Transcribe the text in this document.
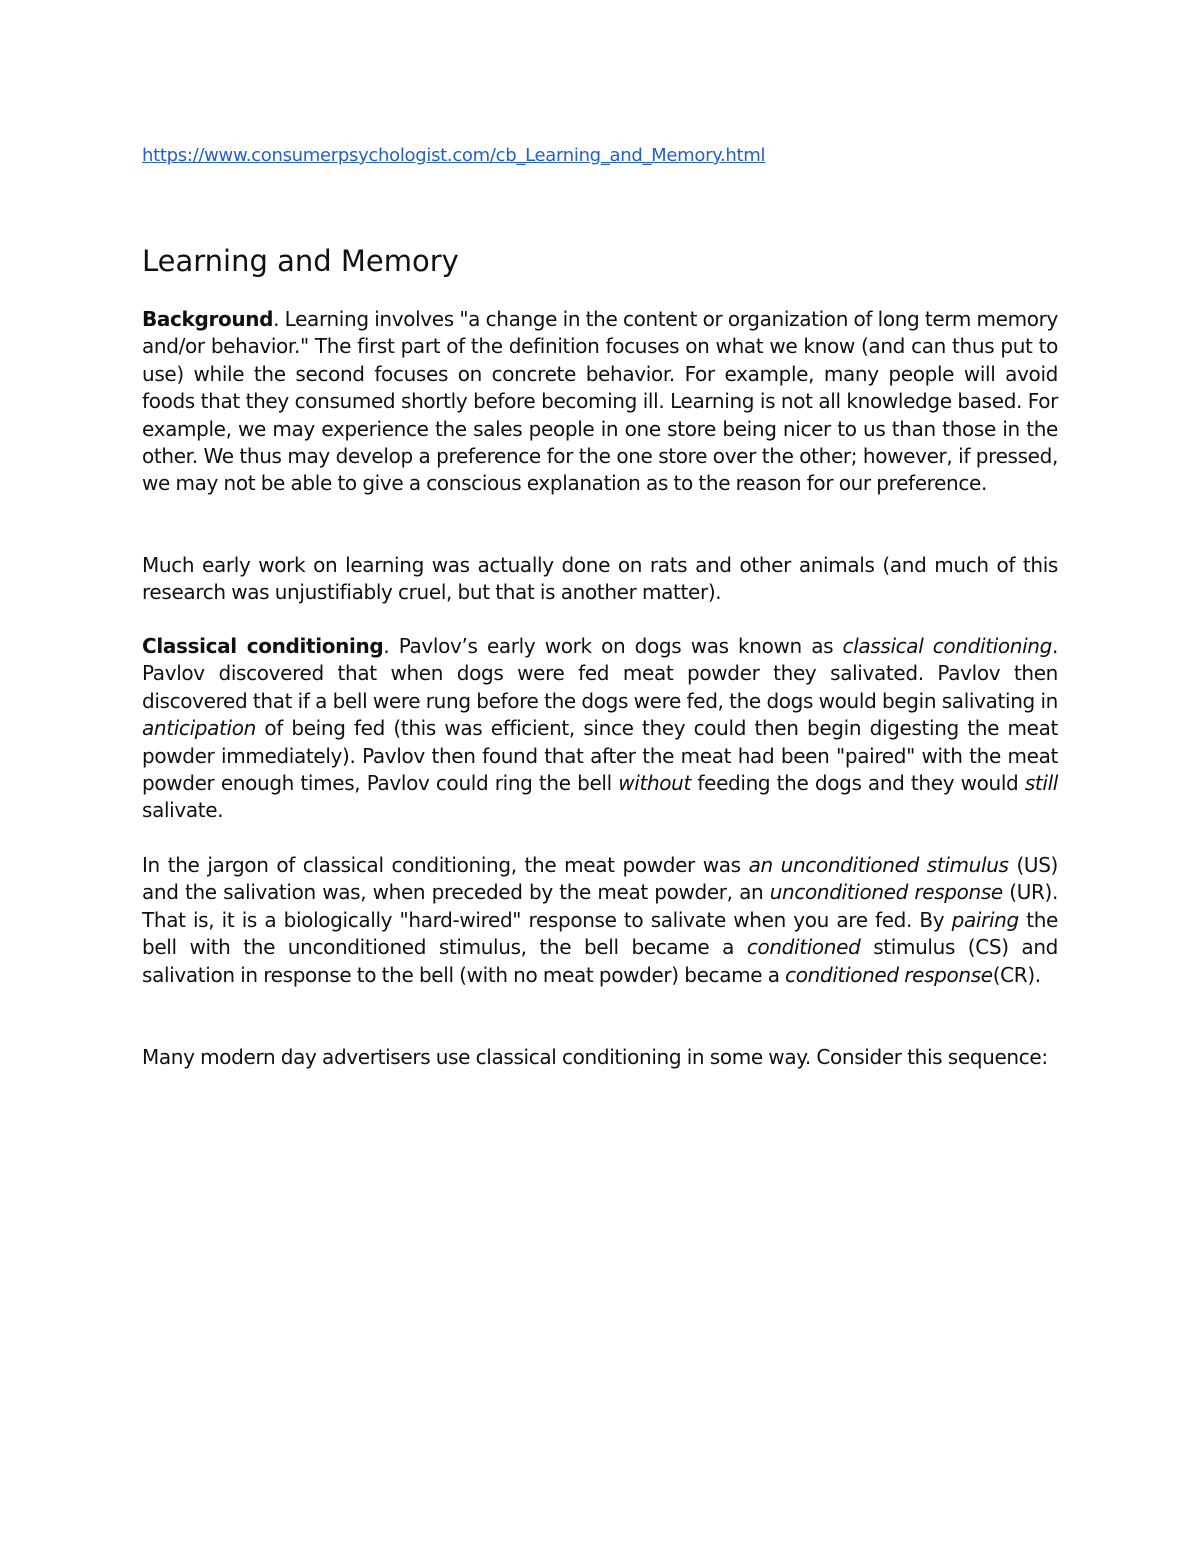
https://www.consumerpsychologist.com/cb_Learning_and_Memory.html
Learning and Memory

Background. Learning involves "a change in the content or organization of long term memory and/or behavior." The first part of the definition focuses on what we know (and can thus put to use) while the second focuses on concrete behavior. For example, many people will avoid foods that they consumed shortly before becoming ill. Learning is not all knowledge based. For example, we may experience the sales people in one store being nicer to us than those in the other. We thus may develop a preference for the one store over the other; however, if pressed, we may not be able to give a conscious explanation as to the reason for our preference.

Much early work on learning was actually done on rats and other animals (and much of this research was unjustifiably cruel, but that is another matter).

Classical conditioning. Pavlov’s early work on dogs was known as classical conditioning. Pavlov discovered that when dogs were fed meat powder they salivated. Pavlov then discovered that if a bell were rung before the dogs were fed, the dogs would begin salivating in anticipation of being fed (this was efficient, since they could then begin digesting the meat powder immediately). Pavlov then found that after the meat had been "paired" with the meat powder enough times, Pavlov could ring the bell without feeding the dogs and they would still salivate.

In the jargon of classical conditioning, the meat powder was an unconditioned stimulus (US) and the salivation was, when preceded by the meat powder, an unconditioned response (UR). That is, it is a biologically "hard-wired" response to salivate when you are fed. By pairing the bell with the unconditioned stimulus, the bell became a conditioned stimulus (CS) and salivation in response to the bell (with no meat powder) became a conditioned response(CR).

Many modern day advertisers use classical conditioning in some way. Consider this sequence:
